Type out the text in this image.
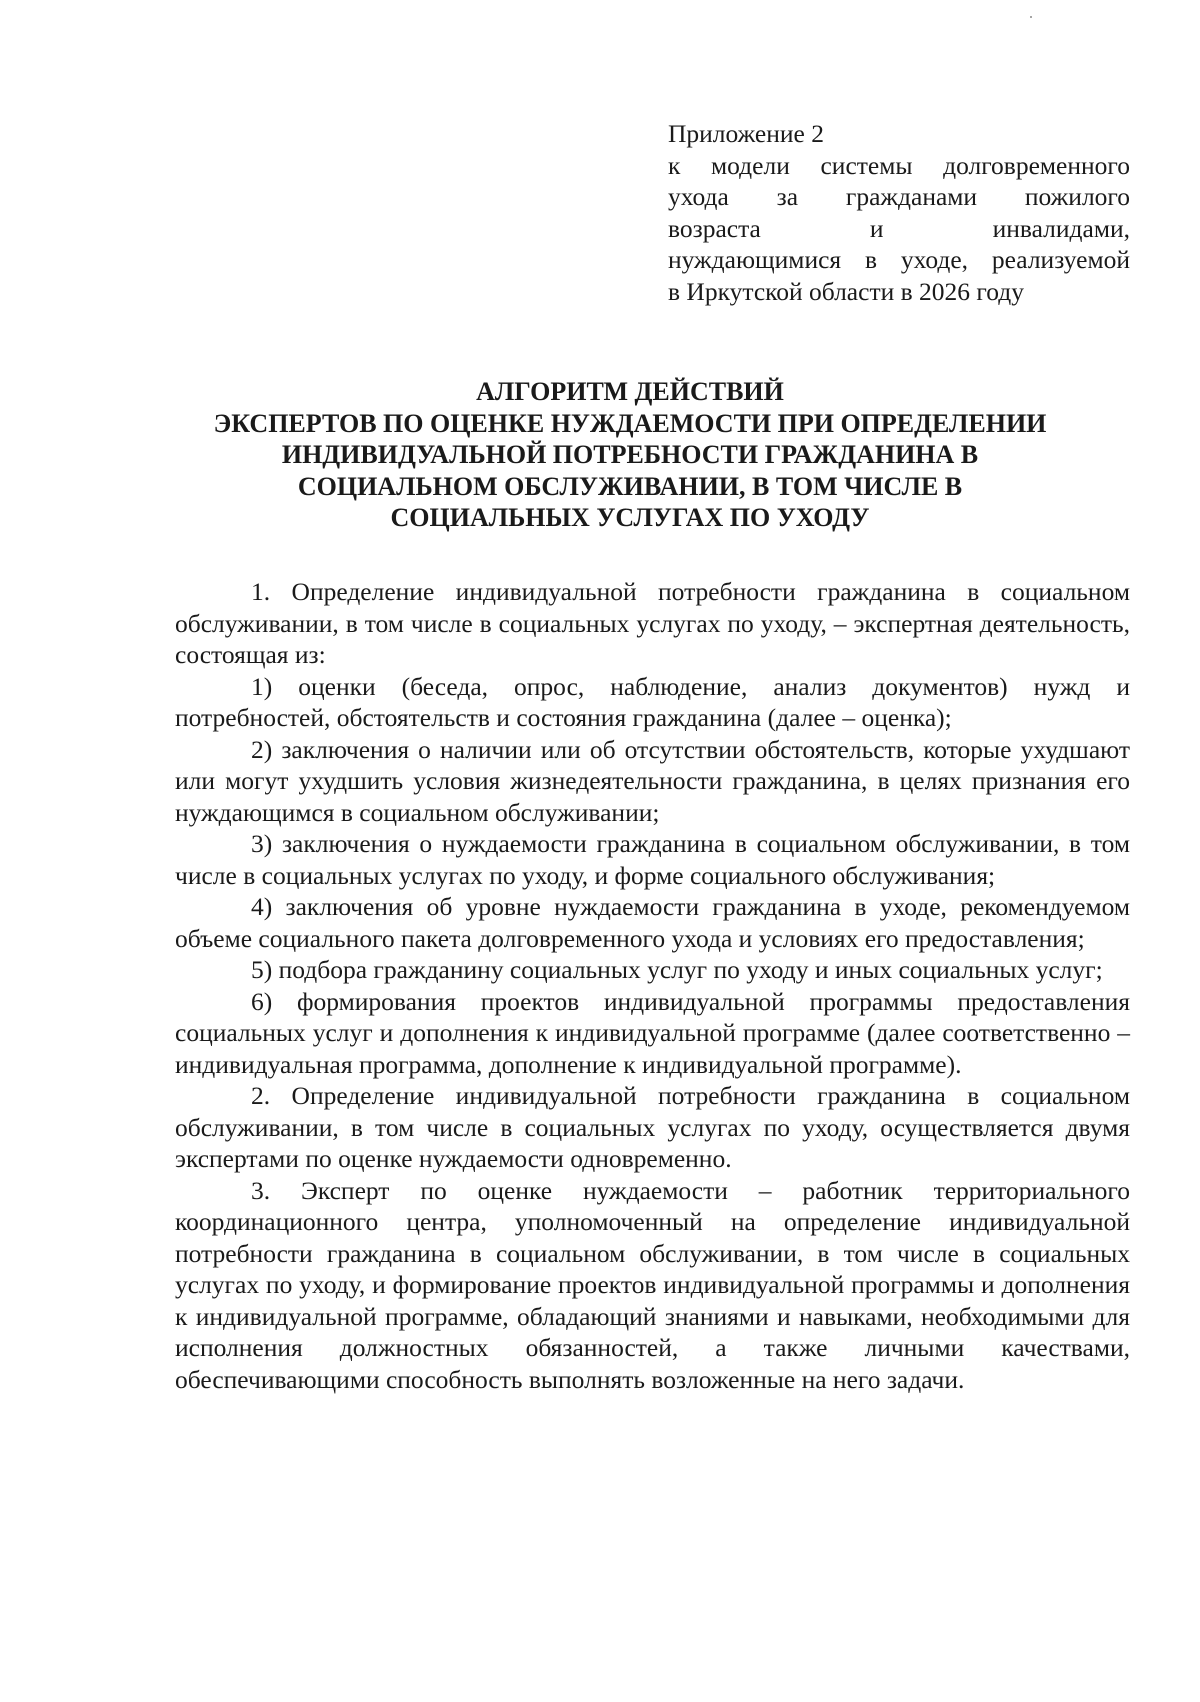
Приложение 2
к модели системы долговременного
ухода за гражданами пожилого
возраста и инвалидами,
нуждающимися в уходе, реализуемой
в Иркутской области в 2026 году
АЛГОРИТМ ДЕЙСТВИЙ
ЭКСПЕРТОВ ПО ОЦЕНКЕ НУЖДАЕМОСТИ ПРИ ОПРЕДЕЛЕНИИ
ИНДИВИДУАЛЬНОЙ ПОТРЕБНОСТИ ГРАЖДАНИНА В
СОЦИАЛЬНОМ ОБСЛУЖИВАНИИ, В ТОМ ЧИСЛЕ В
СОЦИАЛЬНЫХ УСЛУГАХ ПО УХОДУ

1. Определение индивидуальной потребности гражданина в социальном обслуживании, в том числе в социальных услугах по уходу, – экспертная деятельность, состоящая из:

1) оценки (беседа, опрос, наблюдение, анализ документов) нужд и потребностей, обстоятельств и состояния гражданина (далее – оценка);

2) заключения о наличии или об отсутствии обстоятельств, которые ухудшают или могут ухудшить условия жизнедеятельности гражданина, в целях признания его нуждающимся в социальном обслуживании;

3) заключения о нуждаемости гражданина в социальном обслуживании, в том числе в социальных услугах по уходу, и форме социального обслуживания;

4) заключения об уровне нуждаемости гражданина в уходе, рекомендуемом объеме социального пакета долговременного ухода и условиях его предоставления;

5) подбора гражданину социальных услуг по уходу и иных социальных услуг;

6) формирования проектов индивидуальной программы предоставления социальных услуг и дополнения к индивидуальной программе (далее соответственно – индивидуальная программа, дополнение к индивидуальной программе).

2. Определение индивидуальной потребности гражданина в социальном обслуживании, в том числе в социальных услугах по уходу, осуществляется двумя экспертами по оценке нуждаемости одновременно.

3. Эксперт по оценке нуждаемости – работник территориального координационного центра, уполномоченный на определение индивидуальной потребности гражданина в социальном обслуживании, в том числе в социальных услугах по уходу, и формирование проектов индивидуальной программы и дополнения к индивидуальной программе, обладающий знаниями и навыками, необходимыми для исполнения должностных обязанностей, а также личными качествами, обеспечивающими способность выполнять возложенные на него задачи.
